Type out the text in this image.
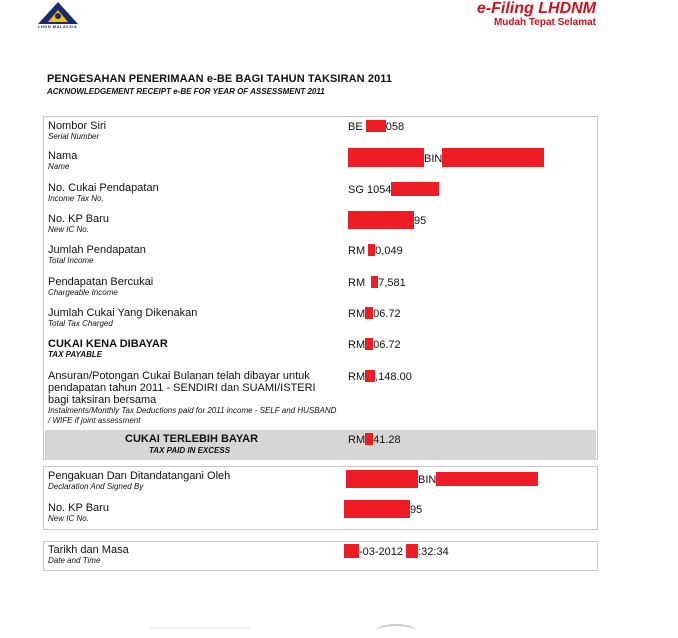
LHDN MALAYSIA
e-Filing LHDNM
Mudah Tepat Selamat
PENGESAHAN PENERIMAAN e-BE BAGI TAHUN TAKSIRAN 2011
ACKNOWLEDGEMENT RECEIPT e-BE FOR YEAR OF ASSESSMENT 2011
Nombor Siri
Serial Number
BE 058
Nama
Name
BIN
No. Cukai Pendapatan
Income Tax No.
SG 1054
No. KP Baru
New IC No.
95
Jumlah Pendapatan
Total Income
RM 0,049
Pendapatan Bercukai
Chargeable Income
RM 7,581
Jumlah Cukai Yang Dikenakan
Total Tax Charged
RM 06.72
CUKAI KENA DIBAYAR
TAX PAYABLE
RM 06.72
Ansuran/Potongan Cukai Bulanan telah dibayar untuk pendapatan tahun 2011 - SENDIRI dan SUAMI/ISTERI bagi taksiran bersama
Instalments/Monthly Tax Deductions paid for 2011 income - SELF and HUSBAND / WIFE if joint assessment
RM ,148.00
CUKAI TERLEBIH BAYAR
TAX PAID IN EXCESS
RM 41.28
Pengakuan Dan Ditandatangani Oleh
Declaration And Signed By
BIN
No. KP Baru
New IC No.
95
Tarikh dan Masa
Date and Time
-03-2012 :32:34
